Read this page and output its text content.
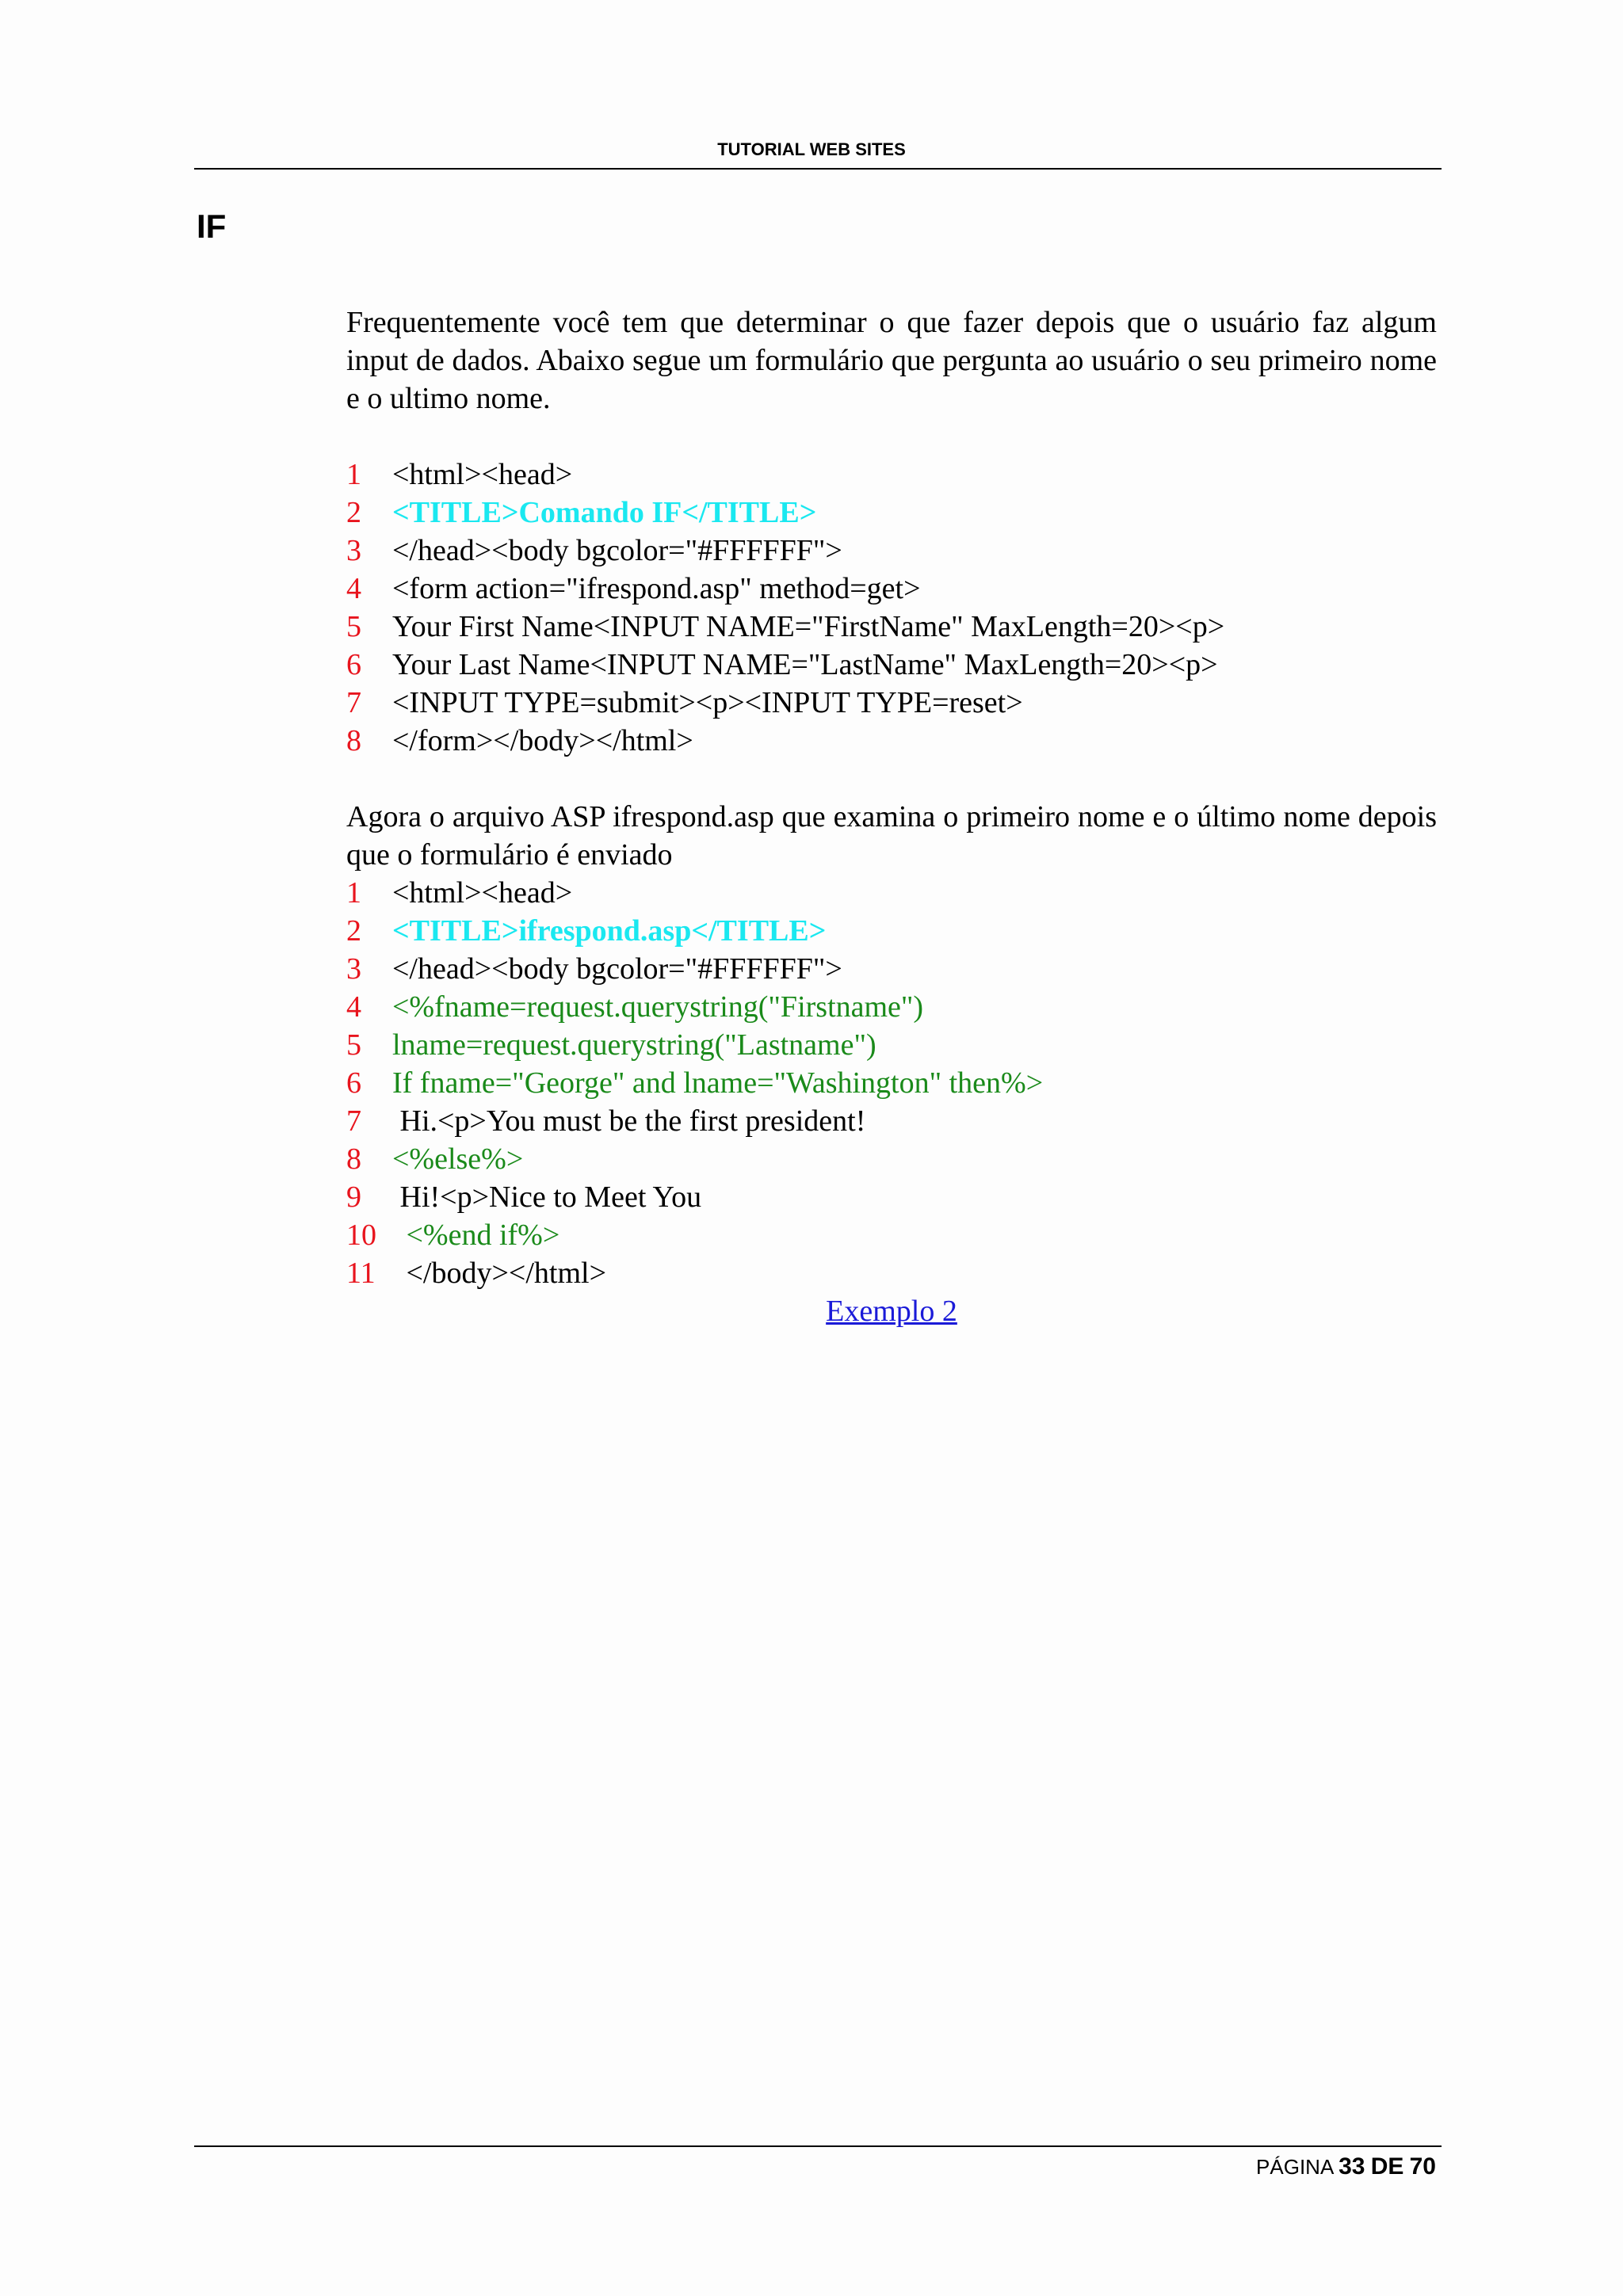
TUTORIAL WEB SITES
IF

Frequentemente você tem que determinar o que fazer depois que o usuário faz algum input de dados. Abaixo segue um formulário que pergunta ao usuário o seu primeiro nome e o ultimo nome.

1	<html><head>
2	<TITLE>Comando IF</TITLE>
3	</head><body bgcolor="#FFFFFF">
4	<form action="ifrespond.asp" method=get>
5	Your First Name<INPUT NAME="FirstName" MaxLength=20><p>
6	Your Last Name<INPUT NAME="LastName" MaxLength=20><p>
7	<INPUT TYPE=submit><p><INPUT TYPE=reset>
8	</form></body></html>

Agora o arquivo ASP ifrespond.asp que examina o primeiro nome e o último nome depois que o formulário é enviado

1	<html><head>
2	<TITLE>ifrespond.asp</TITLE>
3	</head><body bgcolor="#FFFFFF">
4	<%fname=request.querystring("Firstname")
5	lname=request.querystring("Lastname")
6	If fname="George" and lname="Washington" then%>
7	Hi.<p>You must be the first president!
8	<%else%>
9	Hi!<p>Nice to Meet You
10 <%end if%>
11 </body></html>
Exemplo 2
PÁGINA 33 DE 70
